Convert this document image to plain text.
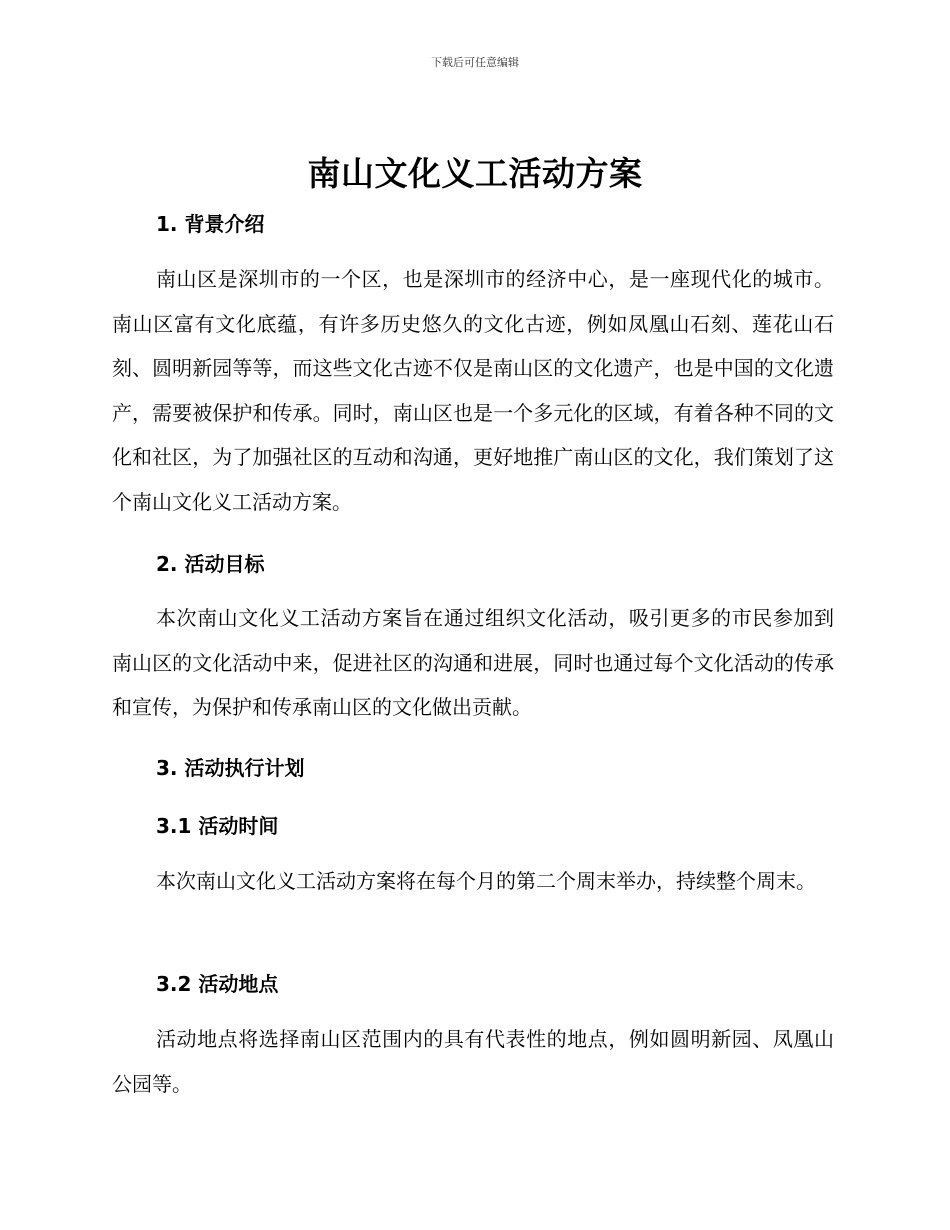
下载后可任意编辑
南山文化义工活动方案
1. 背景介绍

南山区是深圳市的一个区，也是深圳市的经济中心，是一座现代化的城市。南山区富有文化底蕴，有许多历史悠久的文化古迹，例如凤凰山石刻、莲花山石刻、圆明新园等等，而这些文化古迹不仅是南山区的文化遗产，也是中国的文化遗产，需要被保护和传承。同时，南山区也是一个多元化的区域，有着各种不同的文化和社区，为了加强社区的互动和沟通，更好地推广南山区的文化，我们策划了这个南山文化义工活动方案。

2. 活动目标

本次南山文化义工活动方案旨在通过组织文化活动，吸引更多的市民参加到南山区的文化活动中来，促进社区的沟通和进展，同时也通过每个文化活动的传承和宣传，为保护和传承南山区的文化做出贡献。

3. 活动执行计划
3.1 活动时间

本次南山文化义工活动方案将在每个月的第二个周末举办，持续整个周末。

3.2 活动地点

活动地点将选择南山区范围内的具有代表性的地点，例如圆明新园、凤凰山公园等。
